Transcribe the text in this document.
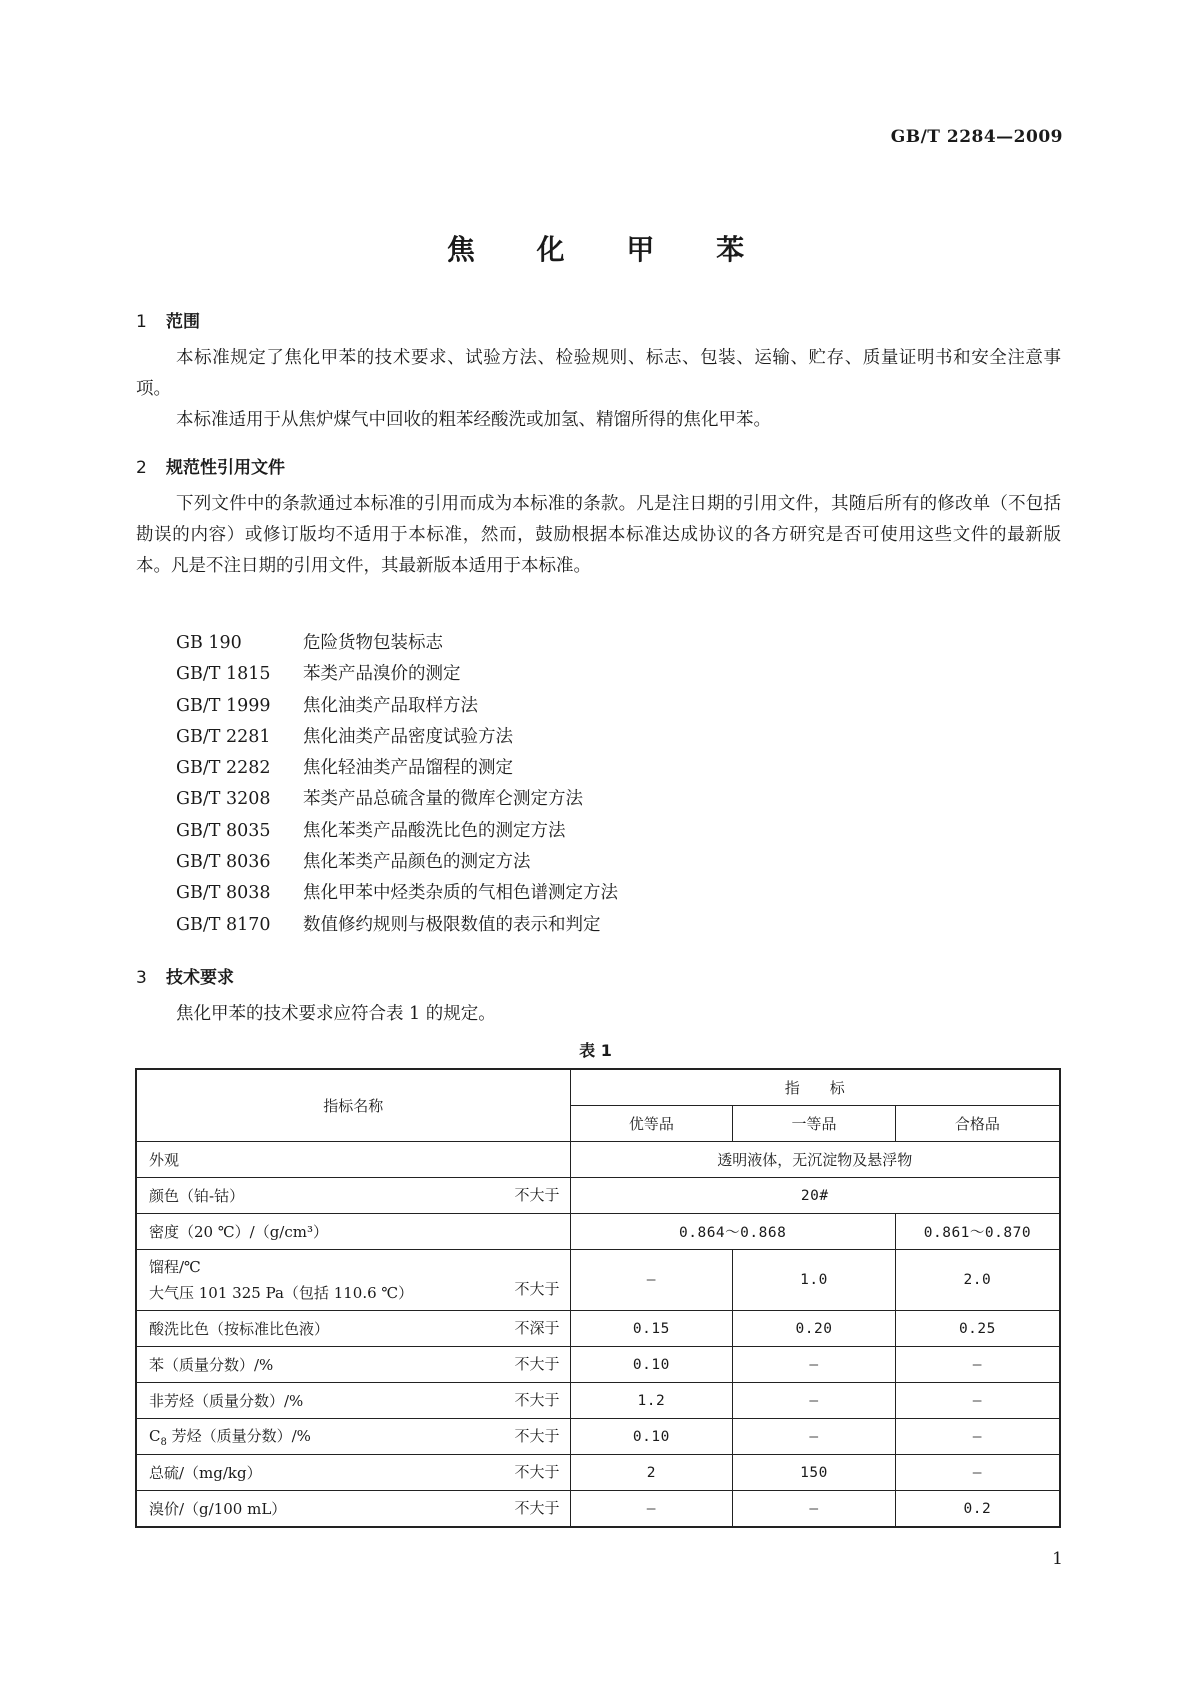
GB/T 2284—2009
焦 化 甲 苯
1 范围
本标准规定了焦化甲苯的技术要求、试验方法、检验规则、标志、包装、运输、贮存、质量证明书和安全注意事项。
本标准适用于从焦炉煤气中回收的粗苯经酸洗或加氢、精馏所得的焦化甲苯。
2 规范性引用文件
下列文件中的条款通过本标准的引用而成为本标准的条款。凡是注日期的引用文件，其随后所有的修改单（不包括勘误的内容）或修订版均不适用于本标准，然而，鼓励根据本标准达成协议的各方研究是否可使用这些文件的最新版本。凡是不注日期的引用文件，其最新版本适用于本标准。
GB 190	危险货物包装标志
GB/T 1815 苯类产品溴价的测定
GB/T 1999 焦化油类产品取样方法
GB/T 2281 焦化油类产品密度试验方法
GB/T 2282 焦化轻油类产品馏程的测定
GB/T 3208 苯类产品总硫含量的微库仑测定方法
GB/T 8035 焦化苯类产品酸洗比色的测定方法
GB/T 8036 焦化苯类产品颜色的测定方法
GB/T 8038 焦化甲苯中烃类杂质的气相色谱测定方法
GB/T 8170 数值修约规则与极限数值的表示和判定
3 技术要求
焦化甲苯的技术要求应符合表 1 的规定。
表 1
指标名称	指　　标		
	优等品	一等品	合格品
外观	透明液体，无沉淀物及悬浮物		
颜色（铂-钴） 不大于	20#		
密度（20 ℃）/（g/cm³）	0.864～0.868		0.861～0.870

馏程/℃
大气压 101 325 Pa（包括 110.6 ℃） 不大于	—	1.0	2.0
酸洗比色（按标准比色液） 不深于	0.15	0.20	0.25
苯（质量分数）/% 不大于	0.10	—	—
非芳烃（质量分数）/% 不大于	1.2	—	—
$C_8$ 芳烃（质量分数）/% 不大于	0.10	—	—
总硫/（mg/kg） 不大于	2	150	—
溴价/（g/100 mL） 不大于	—	—	0.2
1
